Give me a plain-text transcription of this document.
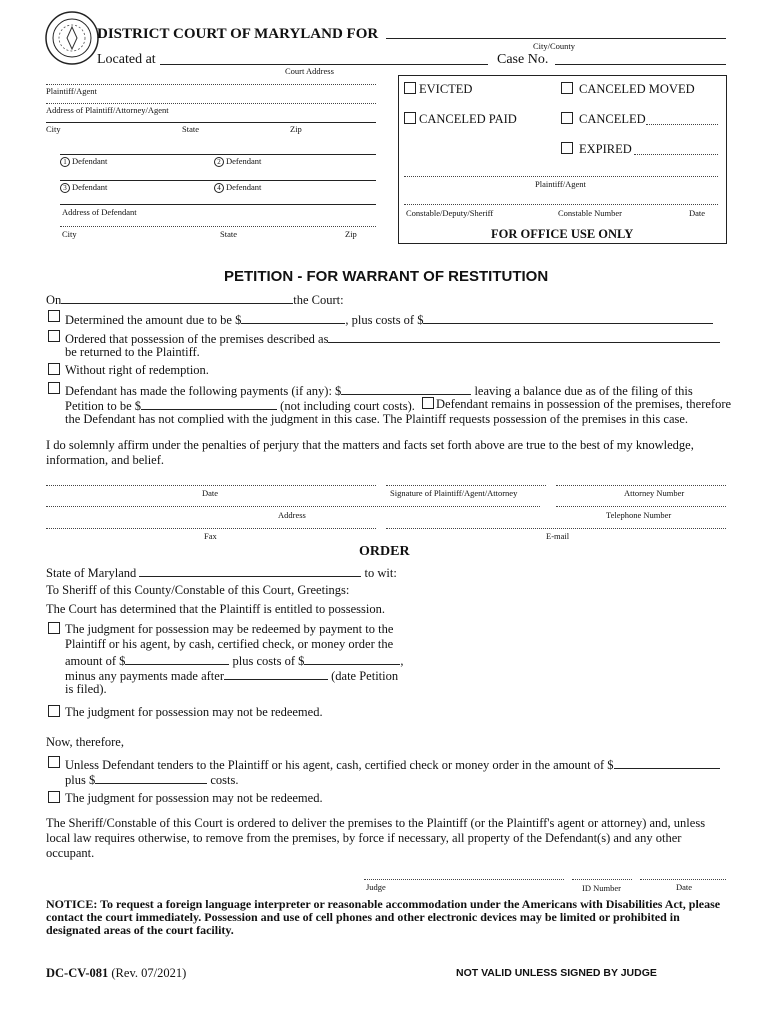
DISTRICT COURT OF MARYLAND FOR
City/County
Located at
Court Address
Case No.
Plaintiff/Agent
Address of Plaintiff/Attorney/Agent
City	State	Zip
1 Defendant	2 Defendant
3 Defendant	4 Defendant
Address of Defendant
City	State	Zip
EVICTED	CANCELED MOVED
CANCELED PAID	CANCELED
EXPIRED
Plaintiff/Agent
Constable/Deputy/Sheriff	Constable Number	Date
FOR OFFICE USE ONLY
PETITION - FOR WARRANT OF RESTITUTION
On	the Court:
Determined the amount due to be $	, plus costs of $
Ordered that possession of the premises described as
be returned to the Plaintiff.
Without right of redemption.
Defendant has made the following payments (if any): $	leaving a balance due as of the filing of this
Petition to be $	(not including court costs). Defendant remains in possession of the premises, therefore
the Defendant has not complied with the judgment in this case. The Plaintiff requests possession of the premises in this case.
I do solemnly affirm under the penalties of perjury that the matters and facts set forth above are true to the best of my knowledge, information, and belief.
Date	Signature of Plaintiff/Agent/Attorney	Attorney Number
Address	Telephone Number
Fax	E-mail
ORDER
State of Maryland	to wit:
To Sheriff of this County/Constable of this Court, Greetings:
The Court has determined that the Plaintiff is entitled to possession.
The judgment for possession may be redeemed by payment to the
Plaintiff or his agent, by cash, certified check, or money order the
amount of $	plus costs of $	,
minus any payments made after	(date Petition
is filed).
The judgment for possession may not be redeemed.
Now, therefore,
Unless Defendant tenders to the Plaintiff or his agent, cash, certified check or money order in the amount of $
plus $	costs.
The judgment for possession may not be redeemed.
The Sheriff/Constable of this Court is ordered to deliver the premises to the Plaintiff (or the Plaintiff's agent or attorney) and, unless local law requires otherwise, to remove from the premises, by force if necessary, all property of the Defendant(s) and any other occupant.
Judge	ID Number	Date
NOTICE: To request a foreign language interpreter or reasonable accommodation under the Americans with Disabilities Act, please contact the court immediately. Possession and use of cell phones and other electronic devices may be limited or prohibited in designated areas of the court facility.
DC-CV-081 (Rev. 07/2021)	NOT VALID UNLESS SIGNED BY JUDGE
